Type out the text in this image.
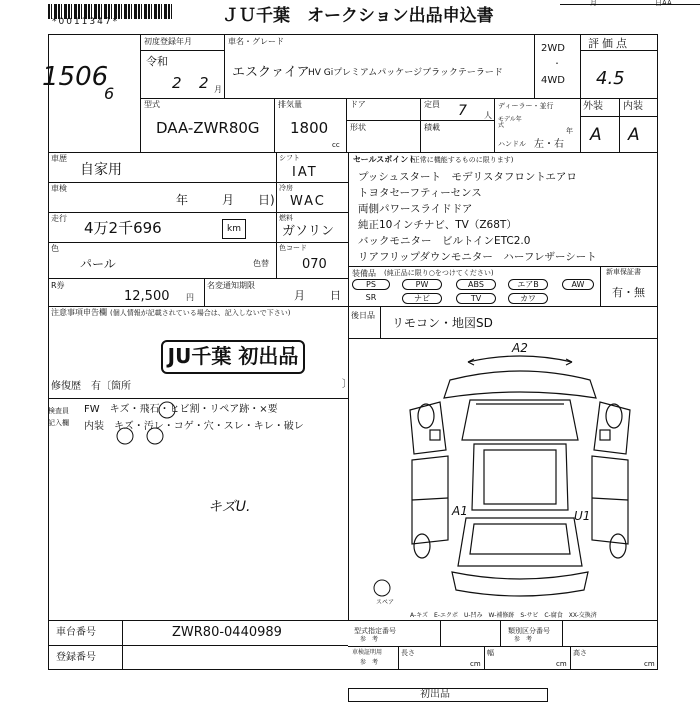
*0011347*	ＪＵ千葉　オークション出品申込書
月	日AA
1506
6
初度登録年月
令和
2 2 月
車名・グレード
エスクァイア
HV Giプレミアムパッケージブラックテーラード
2WD
・
4WD
評価点
4.5
外装 内装
A A
型式
DAA-ZWR80G
排気量
1800
cc
ドア
形状
定員 7 人
積載
ディーラー・並行
モデル年式
年
ハンドル 左・右
車歴
自家用
車検
年	月 日)
走行
4万2千696	km
シフト
IAT
冷房
WAC
燃料
ガソリン
色
パール	色替
色コード
070
R券
12,500 円
名変通知期限
月 日
セールスポイント
(正常に機能するものに限ります)
プッシュスタート　モデリスタフロントエアロ
トヨタセーフティーセンス
両側パワースライドドア
純正10インチナビ、TV（Z68T）
バックモニター　ビルトインETC2.0
リアフリップダウンモニター　ハーフレザーシート
装備品 (純正品に限り○をつけてください)
PS	PW	ABS	エアB	AW
SR	ナビ	TV	カワ
新車保証書
有・無
後日品
リモコン・地図SD
注意事項申告欄 (個人情報が記載されている場合は、記入しないで下さい)
JU千葉 初出品
修復歴　有〔箇所	〕
検査員
記入欄
FW　キズ・飛石・ヒビ割・リペア跡・×要
内装　キズ・汚レ・コゲ・穴・スレ・キレ・破レ
キズU.
A2
A1	U1
スペア
A-キズ　E-エクボ　U-凹み　W-補修跡　S-サビ　C-腐食　XX-交換済
車台番号	ZWR80-0440989
登録番号
型式指定番号
参　考
類別区分番号
参　考
車検証明用
参　考
長さ
cm
幅
cm
高さ
cm
初出品
